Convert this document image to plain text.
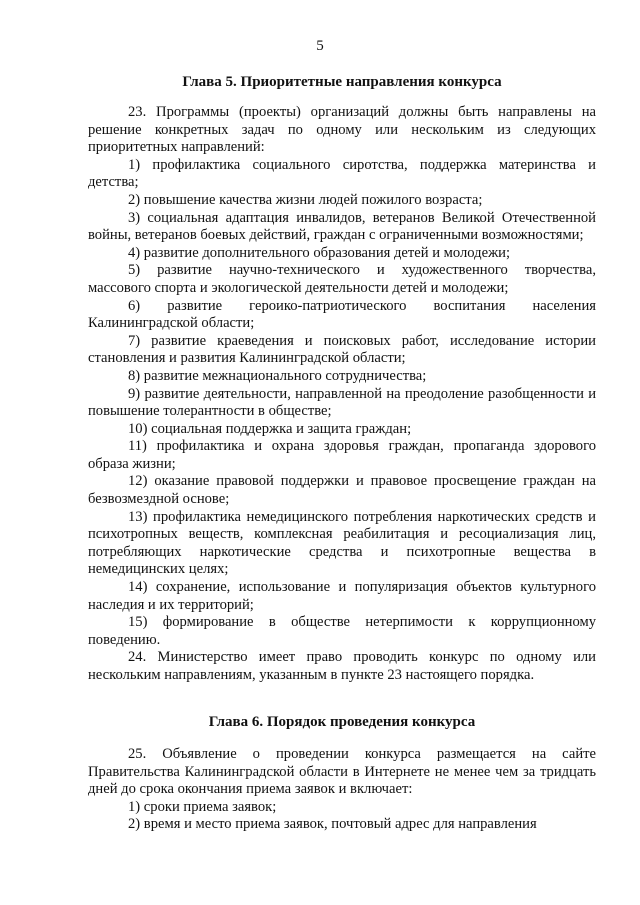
5
Глава 5. Приоритетные направления конкурса

23. Программы (проекты) организаций должны быть направлены на решение конкретных задач по одному или нескольким из следующих приоритетных направлений:

1) профилактика социального сиротства, поддержка материнства и детства;

2) повышение качества жизни людей пожилого возраста;

3) социальная адаптация инвалидов, ветеранов Великой Отечественной войны, ветеранов боевых действий, граждан с ограниченными возможностями;

4) развитие дополнительного образования детей и молодежи;

5) развитие научно-технического и художественного творчества, массового спорта и экологической деятельности детей и молодежи;

6) развитие героико-патриотического воспитания населения Калининградской области;

7) развитие краеведения и поисковых работ, исследование истории становления и развития Калининградской области;

8) развитие межнационального сотрудничества;

9) развитие деятельности, направленной на преодоление разобщенности и повышение толерантности в обществе;

10) социальная поддержка и защита граждан;

11) профилактика и охрана здоровья граждан, пропаганда здорового образа жизни;

12) оказание правовой поддержки и правовое просвещение граждан на безвозмездной основе;

13) профилактика немедицинского потребления наркотических средств и психотропных веществ, комплексная реабилитация и ресоциализация лиц, потребляющих наркотические средства и психотропные вещества в немедицинских целях;

14) сохранение, использование и популяризация объектов культурного наследия и их территорий;

15) формирование в обществе нетерпимости к коррупционному поведению.

24. Министерство имеет право проводить конкурс по одному или нескольким направлениям, указанным в пункте 23 настоящего порядка.

Глава 6. Порядок проведения конкурса

25. Объявление о проведении конкурса размещается на сайте Правительства Калининградской области в Интернете не менее чем за тридцать дней до срока окончания приема заявок и включает:

1) сроки приема заявок;

2) время и место приема заявок, почтовый адрес для направления
